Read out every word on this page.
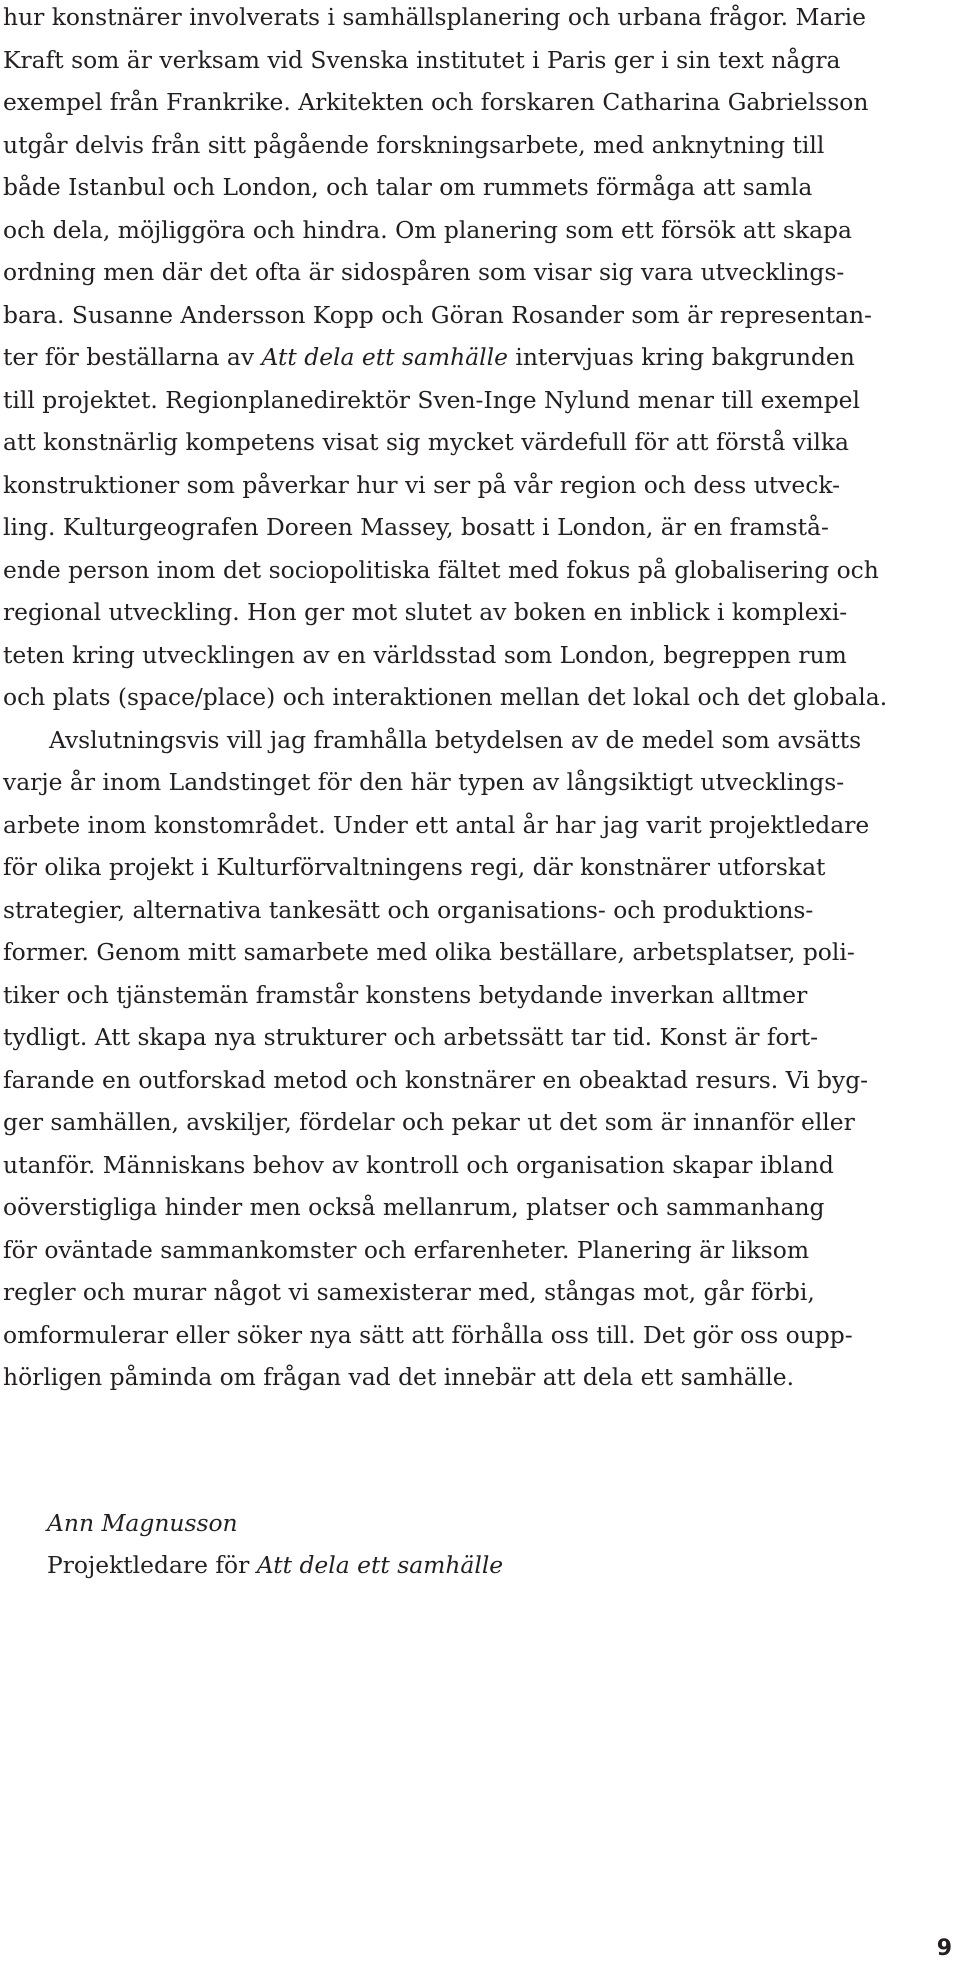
hur konstnärer involverats i samhällsplanering och urbana frågor. Marie
Kraft som är verksam vid Svenska institutet i Paris ger i sin text några
exempel från Frankrike. Arkitekten och forskaren Catharina Gabrielsson
utgår delvis från sitt pågående forskningsarbete, med anknytning till
både Istanbul och London, och talar om rummets förmåga att samla
och dela, möjliggöra och hindra. Om planering som ett försök att skapa
ordning men där det ofta är sidospåren som visar sig vara utvecklings-
bara. Susanne Andersson Kopp och Göran Rosander som är representan-
ter för beställarna av Att dela ett samhälle intervjuas kring bakgrunden
till projektet. Regionplanedirektör Sven-Inge Nylund menar till exempel
att konstnärlig kompetens visat sig mycket värdefull för att förstå vilka
konstruktioner som påverkar hur vi ser på vår region och dess utveck-
ling. Kulturgeografen Doreen Massey, bosatt i London, är en framstå-
ende person inom det sociopolitiska fältet med fokus på globalisering och
regional utveckling. Hon ger mot slutet av boken en inblick i komplexi-
teten kring utvecklingen av en världsstad som London, begreppen rum
och plats (space/place) och interaktionen mellan det lokal och det globala.
Avslutningsvis vill jag framhålla betydelsen av de medel som avsätts
varje år inom Landstinget för den här typen av långsiktigt utvecklings-
arbete inom konstområdet. Under ett antal år har jag varit projektledare
för olika projekt i Kulturförvaltningens regi, där konstnärer utforskat
strategier, alternativa tankesätt och organisations- och produktions-
former. Genom mitt samarbete med olika beställare, arbetsplatser, poli-
tiker och tjänstemän framstår konstens betydande inverkan alltmer
tydligt. Att skapa nya strukturer och arbetssätt tar tid. Konst är fort-
farande en outforskad metod och konstnärer en obeaktad resurs. Vi byg-
ger samhällen, avskiljer, fördelar och pekar ut det som är innanför eller
utanför. Människans behov av kontroll och organisation skapar ibland
oöverstigliga hinder men också mellanrum, platser och sammanhang
för oväntade sammankomster och erfarenheter. Planering är liksom
regler och murar något vi samexisterar med, stångas mot, går förbi,
omformulerar eller söker nya sätt att förhålla oss till. Det gör oss oupp-
hörligen påminda om frågan vad det innebär att dela ett samhälle.
Ann Magnusson
Projektledare för Att dela ett samhälle
9
